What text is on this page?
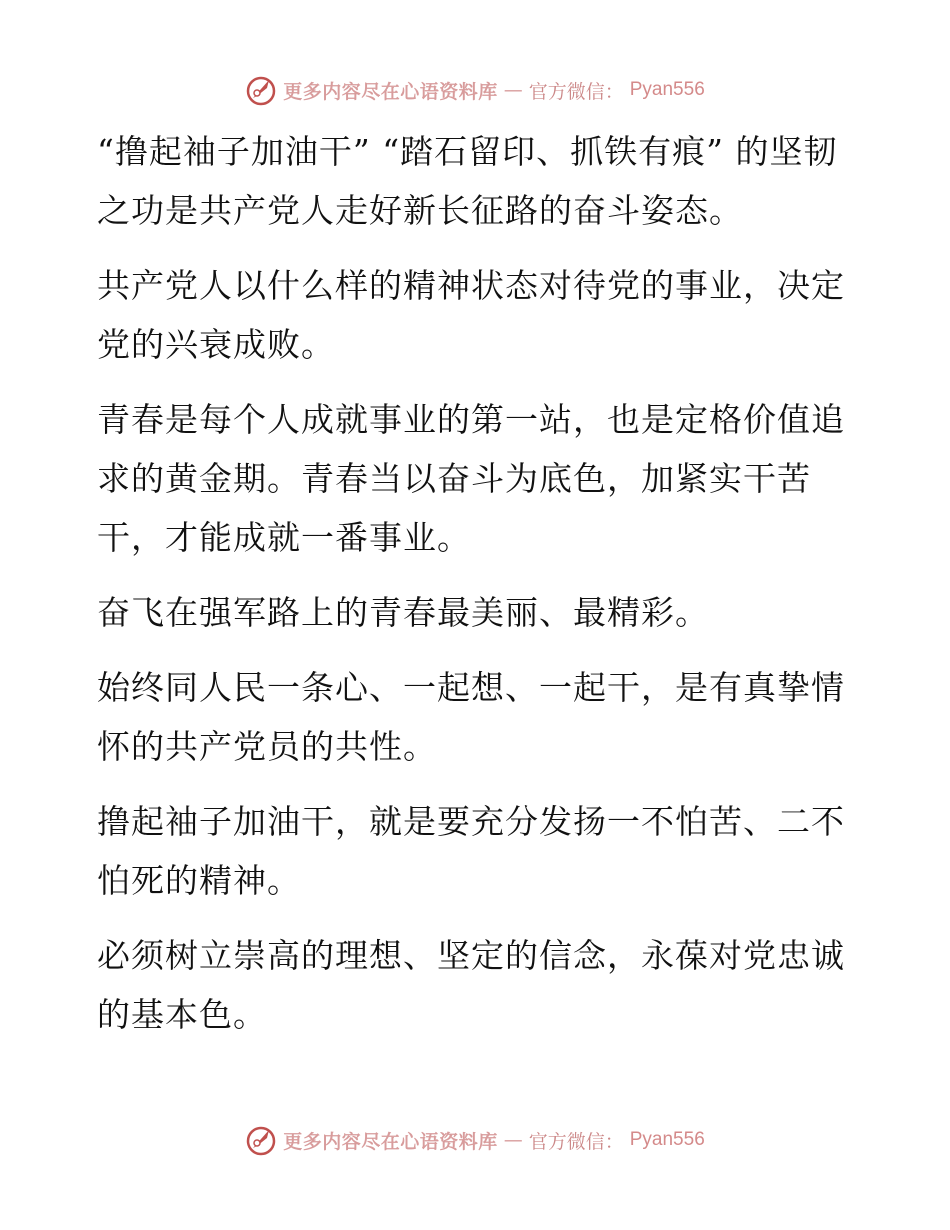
更多内容尽在心语资料库 — 官方微信： Pyan556

“撸起袖子加油干” “踏石留印、抓铁有痕” 的坚韧之功是共产党人走好新长征路的奋斗姿态。

共产党人以什么样的精神状态对待党的事业，决定党的兴衰成败。

青春是每个人成就事业的第一站，也是定格价值追求的黄金期。青春当以奋斗为底色，加紧实干苦干，才能成就一番事业。

奋飞在强军路上的青春最美丽、最精彩。

始终同人民一条心、一起想、一起干，是有真挚情怀的共产党员的共性。

撸起袖子加油干，就是要充分发扬一不怕苦、二不怕死的精神。

必须树立崇高的理想、坚定的信念，永葆对党忠诚的基本色。

更多内容尽在心语资料库 — 官方微信： Pyan556
